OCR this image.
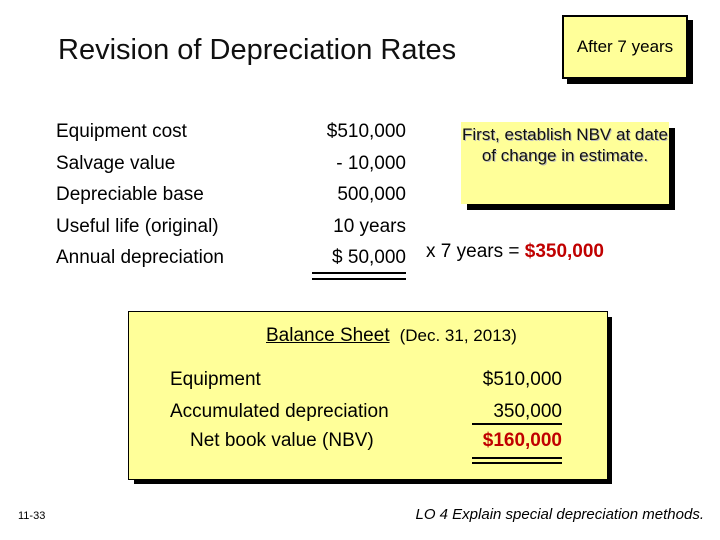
Revision of Depreciation Rates	After 7 years
Equipment cost
Salvage value
Depreciable base
Useful life (original)
Annual depreciation
$510,000
- 10,000
500,000
10 years
$ 50,000
First, establish NBV at date of change in estimate.
x 7 years = $350,000
Balance Sheet (Dec. 31, 2013)
Equipment
Accumulated depreciation
Net book value (NBV)
$510,000
350,000
$160,000
11-33	LO 4 Explain special depreciation methods.
